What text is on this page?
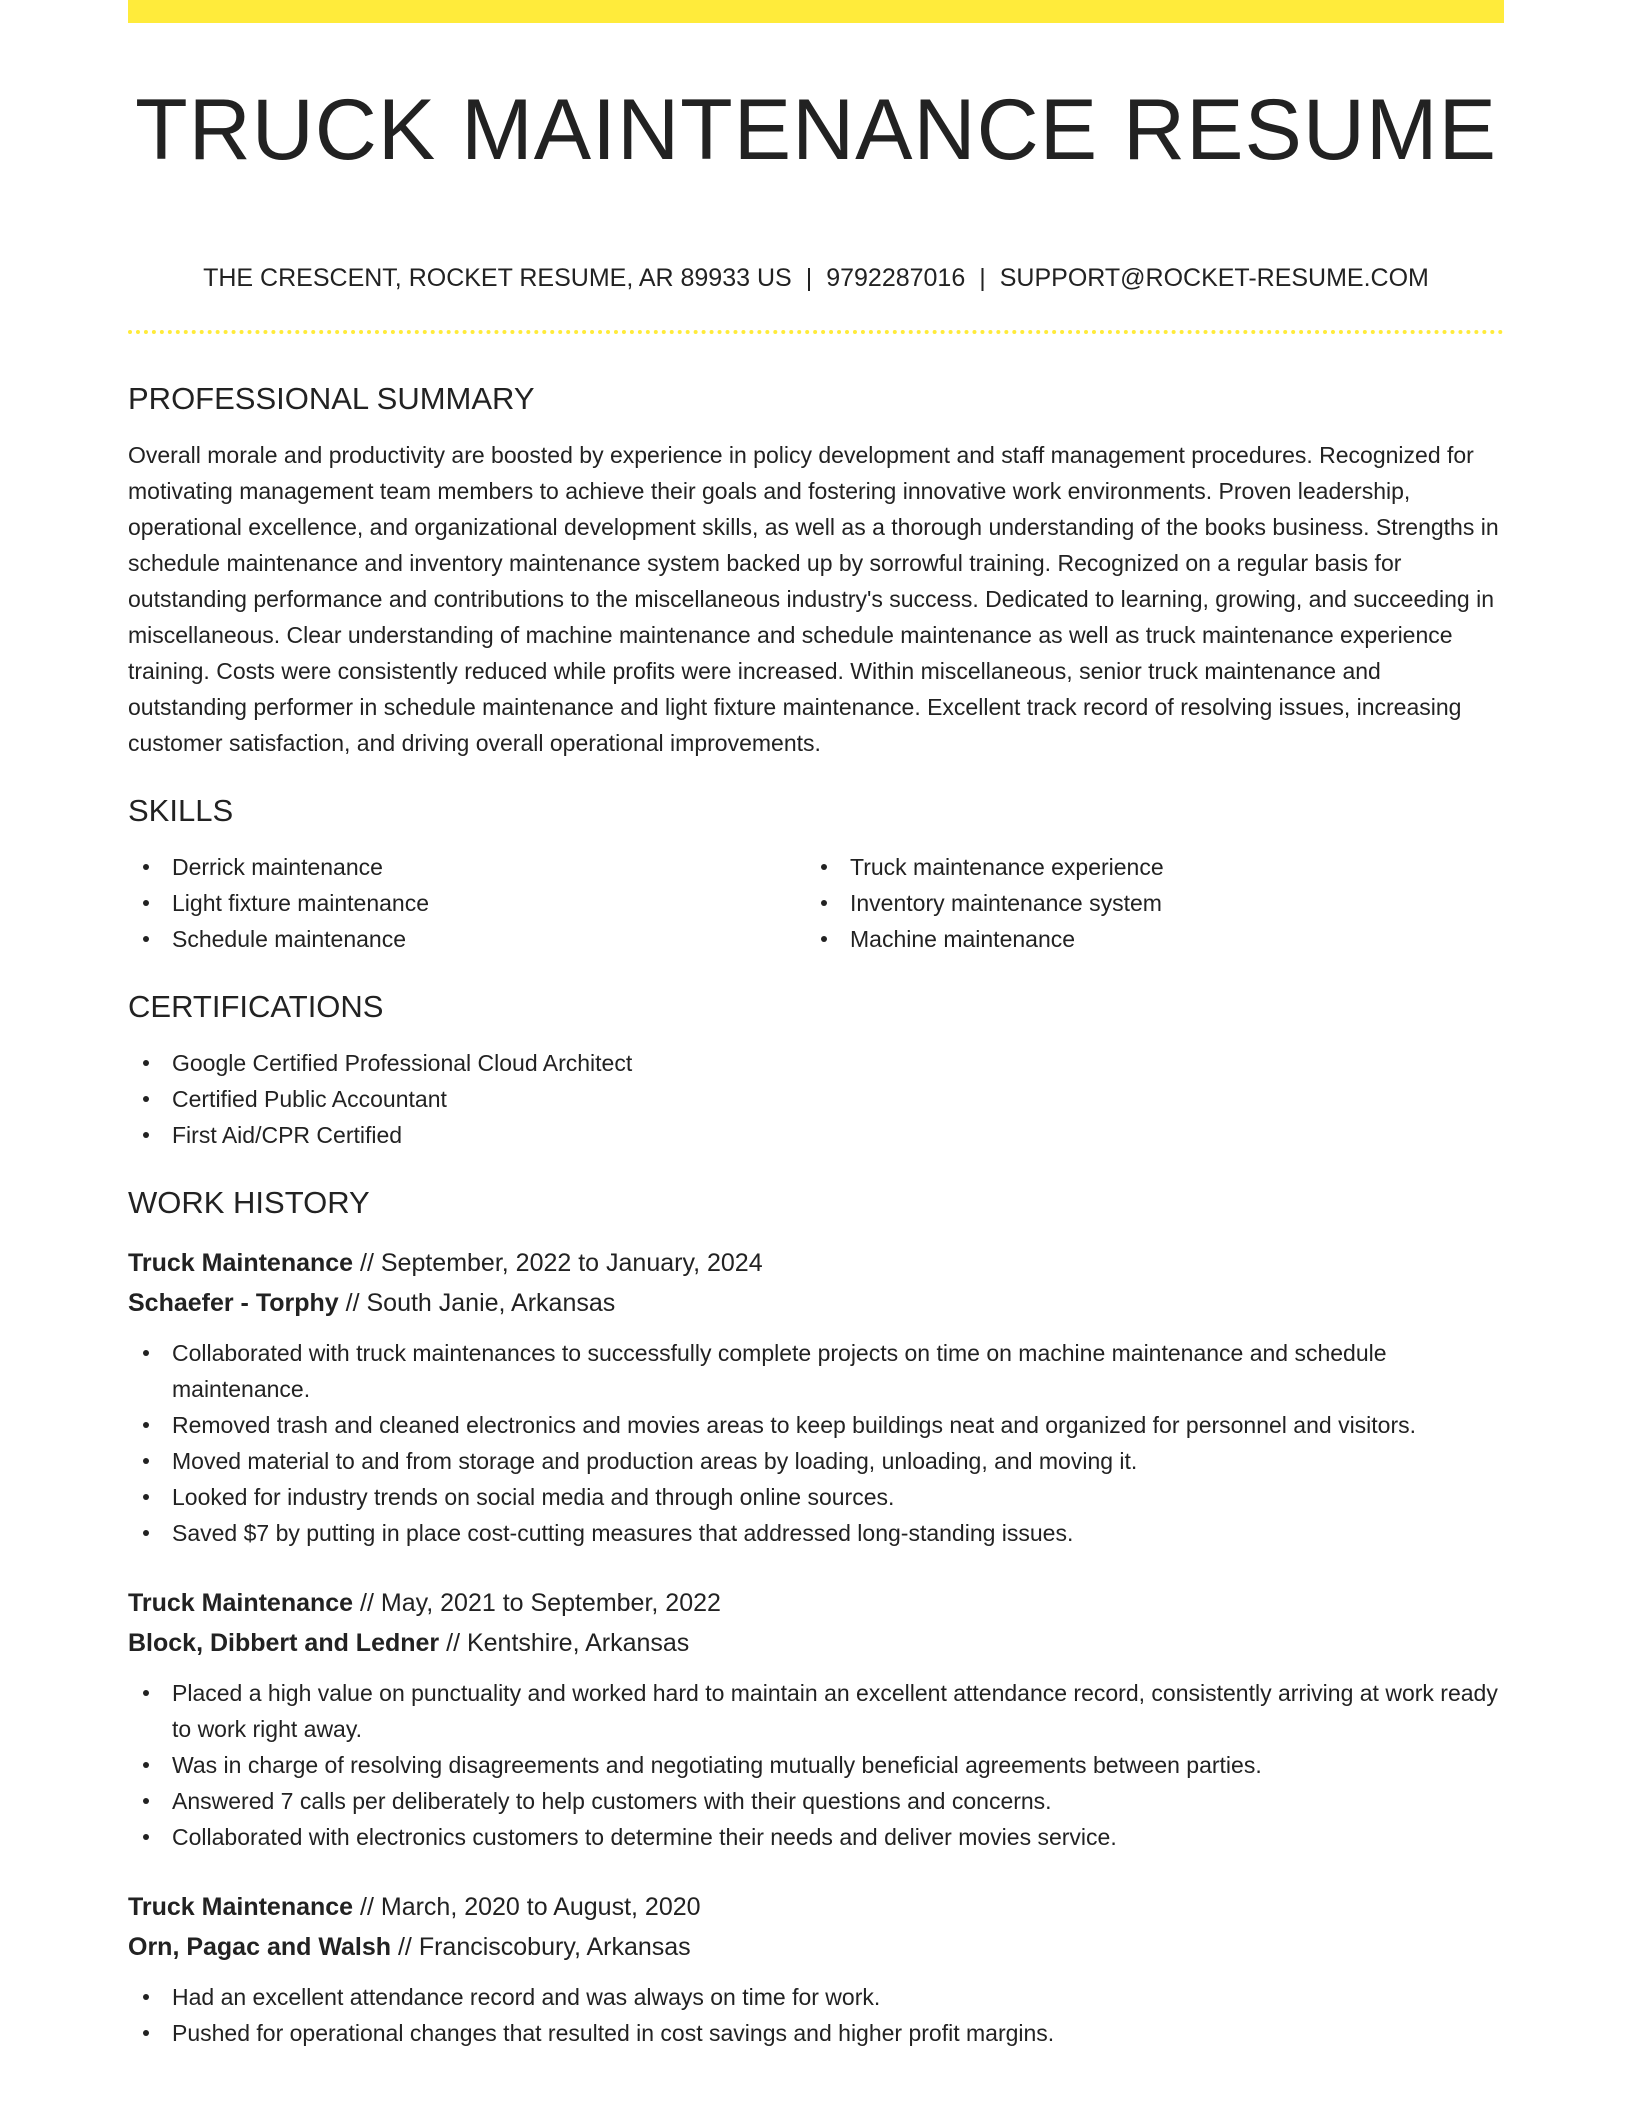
TRUCK MAINTENANCE RESUME
THE CRESCENT, ROCKET RESUME, AR 89933 US | 9792287016 | SUPPORT@ROCKET-RESUME.COM
PROFESSIONAL SUMMARY

Overall morale and productivity are boosted by experience in policy development and staff management procedures. Recognized for motivating management team members to achieve their goals and fostering innovative work environments. Proven leadership, operational excellence, and organizational development skills, as well as a thorough understanding of the books business. Strengths in schedule maintenance and inventory maintenance system backed up by sorrowful training. Recognized on a regular basis for outstanding performance and contributions to the miscellaneous industry's success. Dedicated to learning, growing, and succeeding in miscellaneous. Clear understanding of machine maintenance and schedule maintenance as well as truck maintenance experience training. Costs were consistently reduced while profits were increased. Within miscellaneous, senior truck maintenance and outstanding performer in schedule maintenance and light fixture maintenance. Excellent track record of resolving issues, increasing customer satisfaction, and driving overall operational improvements.

SKILLS
Derrick maintenance
Light fixture maintenance
Schedule maintenance
Truck maintenance experience
Inventory maintenance system
Machine maintenance
CERTIFICATIONS
Google Certified Professional Cloud Architect
Certified Public Accountant
First Aid/CPR Certified
WORK HISTORY
Truck Maintenance // September, 2022 to January, 2024
Schaefer - Torphy // South Janie, Arkansas
Collaborated with truck maintenances to successfully complete projects on time on machine maintenance and schedule maintenance.
Removed trash and cleaned electronics and movies areas to keep buildings neat and organized for personnel and visitors.
Moved material to and from storage and production areas by loading, unloading, and moving it.
Looked for industry trends on social media and through online sources.
Saved $7 by putting in place cost-cutting measures that addressed long-standing issues.
Truck Maintenance // May, 2021 to September, 2022
Block, Dibbert and Ledner // Kentshire, Arkansas
Placed a high value on punctuality and worked hard to maintain an excellent attendance record, consistently arriving at work ready to work right away.
Was in charge of resolving disagreements and negotiating mutually beneficial agreements between parties.
Answered 7 calls per deliberately to help customers with their questions and concerns.
Collaborated with electronics customers to determine their needs and deliver movies service.
Truck Maintenance // March, 2020 to August, 2020
Orn, Pagac and Walsh // Franciscobury, Arkansas
Had an excellent attendance record and was always on time for work.
Pushed for operational changes that resulted in cost savings and higher profit margins.
